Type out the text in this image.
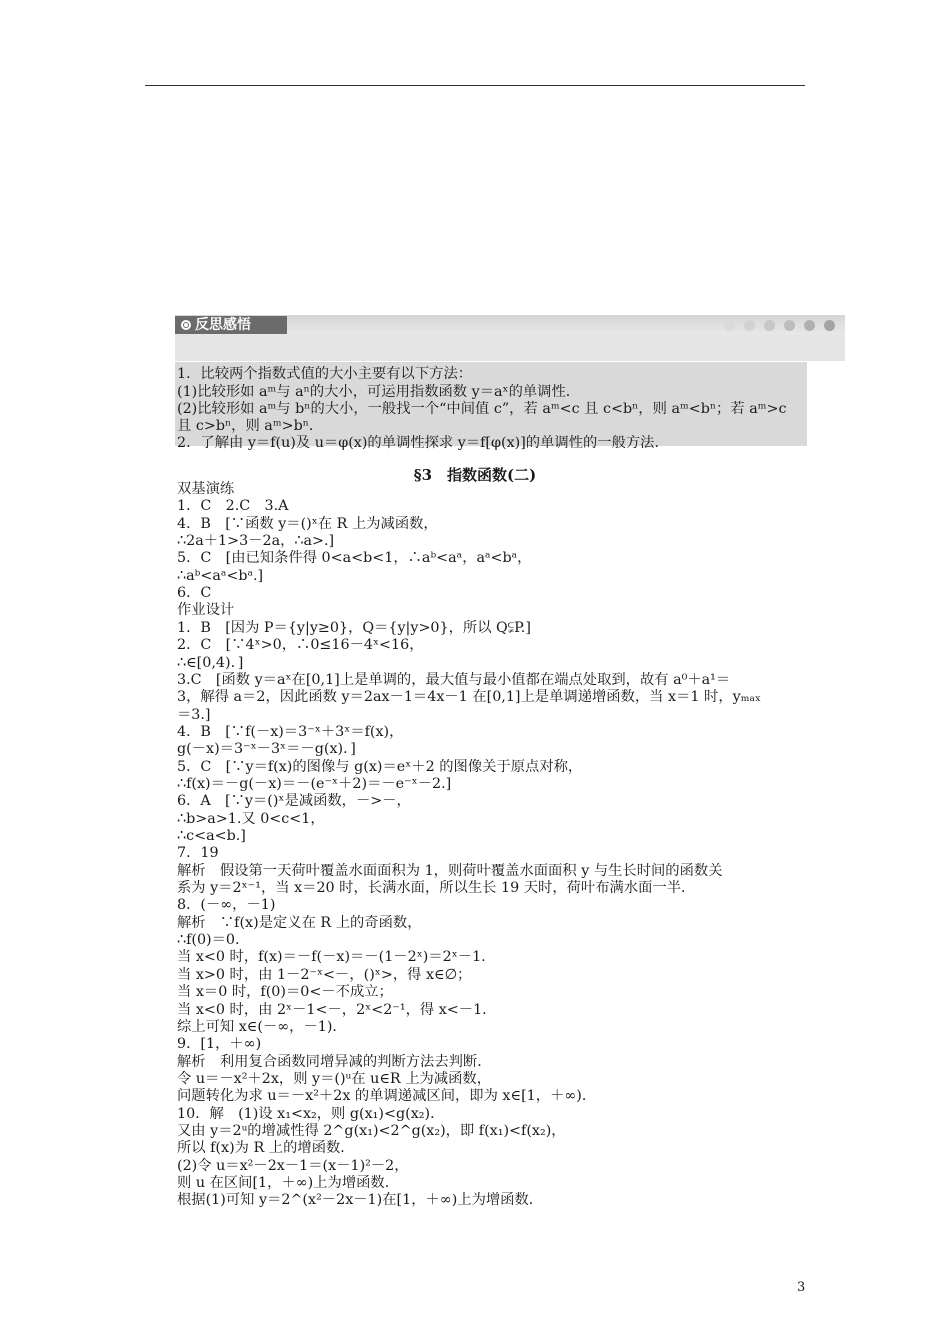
反思感悟
1．比较两个指数式值的大小主要有以下方法：
(1)比较形如 aᵐ与 aⁿ的大小，可运用指数函数 y＝aˣ的单调性．
(2)比较形如 aᵐ与 bⁿ的大小，一般找一个“中间值 c”，若 aᵐ<c 且 c<bⁿ，则 aᵐ<bⁿ；若 aᵐ>c
且 c>bⁿ，则 aᵐ>bⁿ．
2．了解由 y＝f(u)及 u＝φ(x)的单调性探求 y＝f[φ(x)]的单调性的一般方法．
§3　指数函数(二)
双基演练
1．C　2.C　3.A
4．B　[∵函数 y＝()ˣ在 R 上为减函数，
∴2a＋1>3－2a，∴a>.]
5．C　[由已知条件得 0<a<b<1，∴aᵇ<aᵃ，aᵃ<bᵃ，
∴aᵇ<aᵃ<bᵃ.]
6．C
作业设计
1．B　[因为 P＝{y|y≥0}，Q＝{y|y>0}，所以 Q⫋P.]
2．C　[∵4ˣ>0，∴0≤16－4ˣ<16，
∴∈[0,4)．]
3.C　[函数 y＝aˣ在[0,1]上是单调的，最大值与最小值都在端点处取到，故有 a⁰＋a¹＝
3，解得 a＝2，因此函数 y＝2ax－1＝4x－1 在[0,1]上是单调递增函数，当 x＝1 时，yₘₐₓ
＝3.]
4．B　[∵f(－x)＝3⁻ˣ＋3ˣ＝f(x)，
g(－x)＝3⁻ˣ－3ˣ＝－g(x)．]
5．C　[∵y＝f(x)的图像与 g(x)＝eˣ＋2 的图像关于原点对称，
∴f(x)＝－g(－x)＝－(e⁻ˣ＋2)＝－e⁻ˣ－2.]
6．A　[∵y＝()ˣ是减函数，－>－，
∴b>a>1.又 0<c<1，
∴c<a<b.]
7．19
解析　假设第一天荷叶覆盖水面面积为 1，则荷叶覆盖水面面积 y 与生长时间的函数关
系为 y＝2ˣ⁻¹，当 x＝20 时，长满水面，所以生长 19 天时，荷叶布满水面一半．
8．(－∞，－1)
解析　∵f(x)是定义在 R 上的奇函数，
∴f(0)＝0.
当 x<0 时，f(x)＝－f(－x)＝－(1－2ˣ)＝2ˣ－1.
当 x>0 时，由 1－2⁻ˣ<－，()ˣ>，得 x∈∅；
当 x＝0 时，f(0)＝0<－不成立；
当 x<0 时，由 2ˣ－1<－，2ˣ<2⁻¹，得 x<－1.
综上可知 x∈(－∞，－1)．
9．[1，＋∞)
解析　利用复合函数同增异减的判断方法去判断．
令 u＝－x²＋2x，则 y＝()ᵘ在 u∈R 上为减函数，
问题转化为求 u＝－x²＋2x 的单调递减区间，即为 x∈[1，＋∞)．
10．解　(1)设 x₁<x₂，则 g(x₁)<g(x₂)．
又由 y＝2ᵘ的增减性得 2^g(x₁)<2^g(x₂)，即 f(x₁)<f(x₂)，
所以 f(x)为 R 上的增函数．
(2)令 u＝x²－2x－1＝(x－1)²－2，
则 u 在区间[1，＋∞)上为增函数．
根据(1)可知 y＝2^(x²－2x－1)在[1，＋∞)上为增函数．
3
